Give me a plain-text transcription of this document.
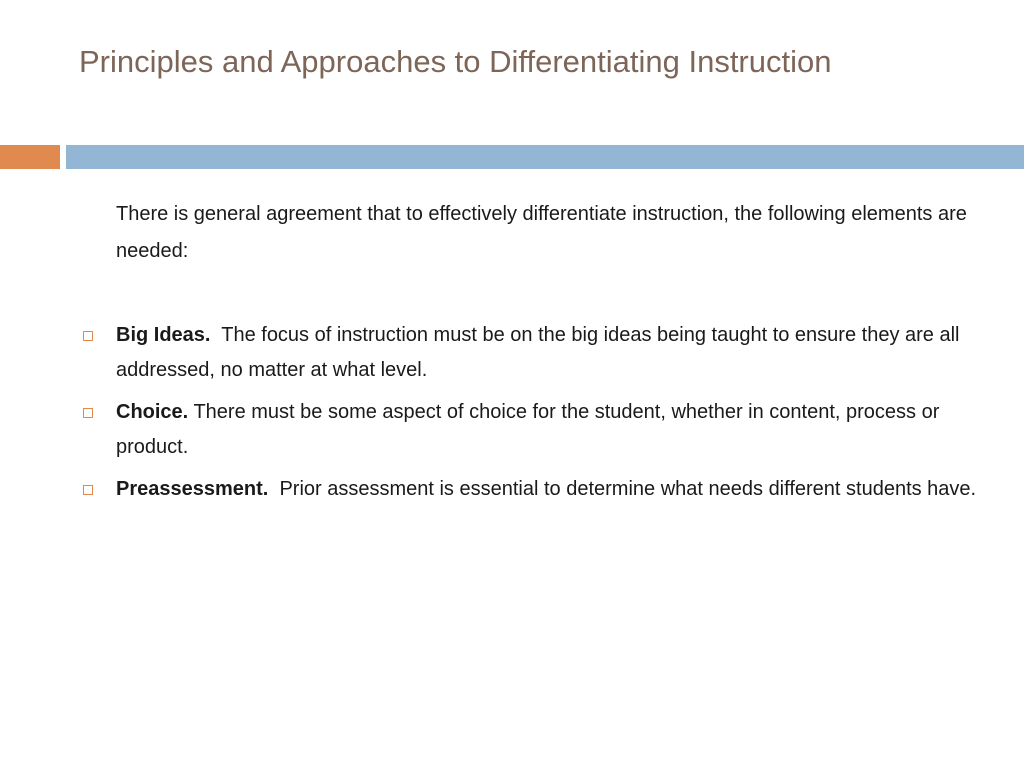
Principles and Approaches to Differentiating Instruction

There is general agreement that to effectively differentiate instruction, the following elements are needed:

Big Ideas.  The focus of instruction must be on the big ideas being taught to ensure they are all addressed, no matter at what level.
Choice. There must be some aspect of choice for the student, whether in content, process or product.
Preassessment.  Prior assessment is essential to determine what needs different students have.
